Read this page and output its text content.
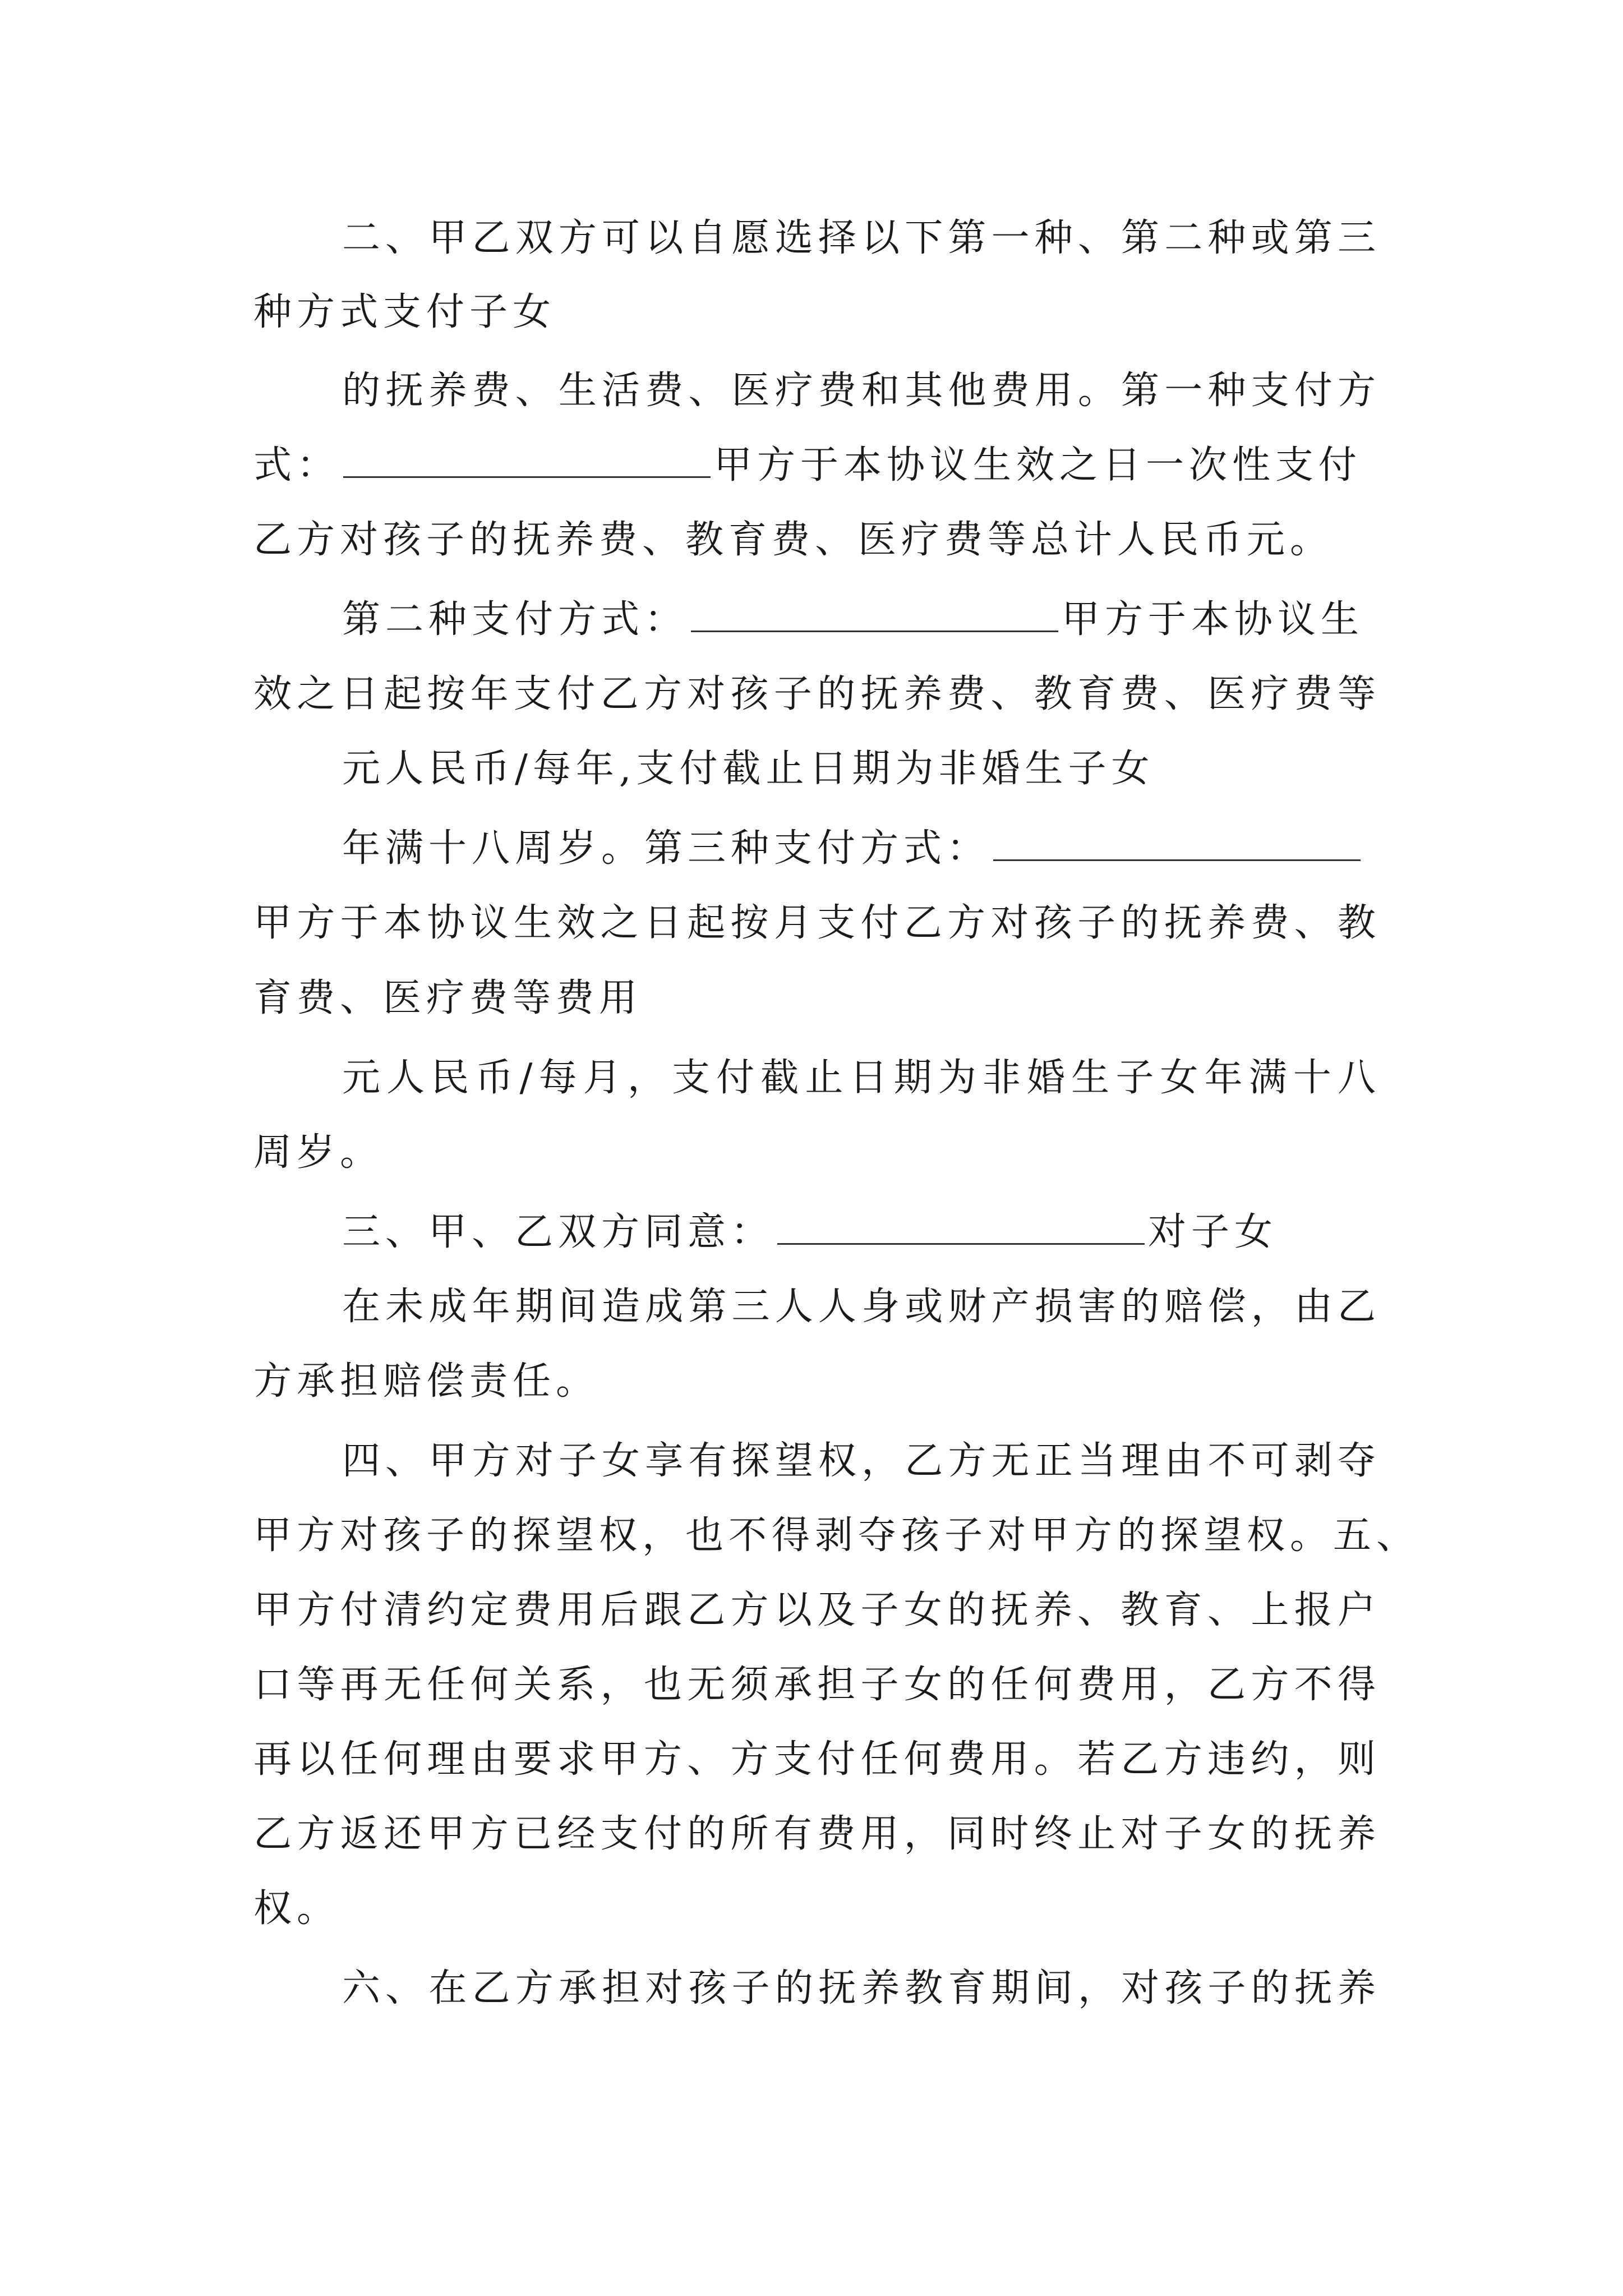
二、甲乙双方可以自愿选择以下第一种、第二种或第三
种方式支付子女
的抚养费、生活费、医疗费和其他费用。第一种支付方
式：	甲方于本协议生效之日一次性支付
乙方对孩子的抚养费、教育费、医疗费等总计人民币元。
第二种支付方式：	甲方于本协议生
效之日起按年支付乙方对孩子的抚养费、教育费、医疗费等
元人民币/每年,支付截止日期为非婚生子女
年满十八周岁。第三种支付方式：
甲方于本协议生效之日起按月支付乙方对孩子的抚养费、教
育费、医疗费等费用
元人民币/每月，支付截止日期为非婚生子女年满十八
周岁。
三、甲、乙双方同意：	对子女
在未成年期间造成第三人人身或财产损害的赔偿，由乙
方承担赔偿责任。
四、甲方对子女享有探望权，乙方无正当理由不可剥夺
甲方对孩子的探望权，也不得剥夺孩子对甲方的探望权。五、
甲方付清约定费用后跟乙方以及子女的抚养、教育、上报户
口等再无任何关系，也无须承担子女的任何费用，乙方不得
再以任何理由要求甲方、方支付任何费用。若乙方违约，则
乙方返还甲方已经支付的所有费用，同时终止对子女的抚养
权。
六、在乙方承担对孩子的抚养教育期间，对孩子的抚养
